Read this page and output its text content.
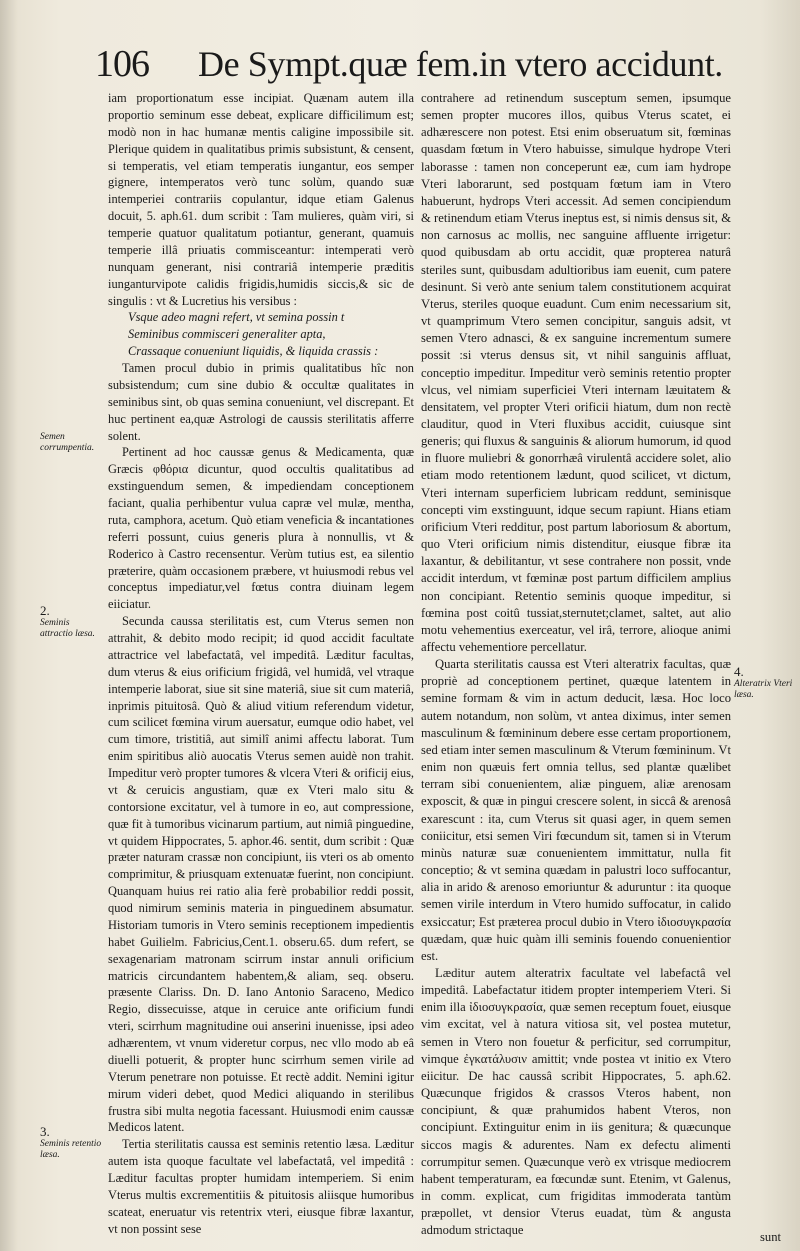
106 De Sympt.quæ fem.in vtero accidunt.

iam proportionatum esse incipiat. Quænam autem illa proportio seminum esse debeat, explicare difficilimum est; modò non in hac humanæ mentis caligine impossibile sit. Plerique quidem in qualitatibus primis subsistunt, & censent, si temperatis, vel etiam temperatis iungantur, eos semper gignere, intemperatos verò tunc solùm, quando suæ intemperiei contrariis copulantur, idque etiam Galenus docuit, 5. aph.61. dum scribit : Tam mulieres, quàm viri, si temperie quatuor qualitatum potiantur, generant, quamuis temperie illâ priuatis commisceantur: intemperati verò nunquam generant, nisi contrariâ intemperie præditis iunganturvipote calidis frigidis,humidis siccis,& sic de singulis : vt & Lucretius his versibus :

Vsque adeo magni refert, vt semina possin t

Seminibus commisceri generaliter apta,

Crassaque conueniunt liquidis, & liquida crassis :

Tamen procul dubio in primis qualitatibus hîc non subsistendum; cum sine dubio & occultæ qualitates in seminibus sint, ob quas semina conueniunt, vel discrepant. Et huc pertinent ea,quæ Astrologi de caussis sterilitatis afferre solent.

Pertinent ad hoc caussæ genus & Medicamenta, quæ Græcis φθόρια dicuntur, quod occultis qualitatibus ad exstinguendum semen, & impediendam conceptionem faciant, qualia perhibentur vulua capræ vel mulæ, mentha, ruta, camphora, acetum. Quò etiam veneficia & incantationes referri possunt, cuius generis plura à nonnullis, vt & Roderico à Castro recensentur. Verùm tutius est, ea silentio præterire, quàm occasionem præbere, vt huiusmodi rebus vel conceptus impediatur,vel fœtus contra diuinam legem eiiciatur.

Secunda caussa sterilitatis est, cum Vterus semen non attrahit, & debito modo recipit; id quod accidit facultate attractrice vel labefactatâ, vel impeditâ. Læditur facultas, dum vterus & eius orificium frigidâ, vel humidâ, vel vtraque intemperie laborat, siue sit sine materiâ, siue sit cum materiâ, inprimis pituitosâ. Quò & aliud vitium referendum videtur, cum scilicet fœmina virum auersatur, eumque odio habet, vel cum timore, tristitiâ, aut similî animi affectu laborat. Tum enim spiritibus aliò auocatis Vterus semen auidè non trahit. Impeditur verò propter tumores & vlcera Vteri & orificij eius, vt & ceruicis angustiam, quæ ex Vteri malo situ & contorsione excitatur, vel à tumore in eo, aut compressione, quæ fit à tumoribus vicinarum partium, aut nimiâ pinguedine, vt quidem Hippocrates, 5. aphor.46. sentit, dum scribit : Quæ præter naturam crassæ non concipiunt, iis vteri os ab omento comprimitur, & priusquam extenuatæ fuerint, non concipiunt. Quanquam huius rei ratio alia ferè probabilior reddi possit, quod nimirum seminis materia in pinguedinem absumatur. Historiam tumoris in Vtero seminis receptionem impedientis habet Guilielm. Fabricius,Cent.1. obseru.65. dum refert, se sexagenariam matronam scirrum instar annuli orificium matricis circundantem habentem,& aliam, seq. obseru. præsente Clariss. Dn. D. Iano Antonio Saraceno, Medico Regio, dissecuisse, atque in ceruice ante orificium fundi vteri, scirrhum magnitudine oui anserini inuenisse, ipsi adeo adhærentem, vt vnum videretur corpus, nec vllo modo ab eâ diuelli potuerit, & propter hunc scirrhum semen virile ad Vterum penetrare non potuisse. Et rectè addit. Nemini igitur mirum videri debet, quod Medici aliquando in sterilibus frustra sibi multa negotia facessant. Huiusmodi enim caussæ Medicos latent.

Tertia sterilitatis caussa est seminis retentio læsa. Læditur autem ista quoque facultate vel labefactatâ, vel impeditâ : Læditur facultas propter humidam intemperiem. Si enim Vterus multis excrementitiis & pituitosis aliisque humoribus scateat, eneruatur vis retentrix vteri, eiusque fibræ laxantur, vt non possint sese

contrahere ad retinendum susceptum semen, ipsumque semen propter mucores illos, quibus Vterus scatet, ei adhærescere non potest. Etsi enim obseruatum sit, fœminas quasdam fœtum in Vtero habuisse, simulque hydrope Vteri laborasse : tamen non conceperunt eæ, cum iam hydrope Vteri laborarunt, sed postquam fœtum iam in Vtero habuerunt, hydrops Vteri accessit. Ad semen concipiendum & retinendum etiam Vterus ineptus est, si nimis densus sit, & non carnosus ac mollis, nec sanguine affluente irrigetur: quod quibusdam ab ortu accidit, quæ propterea naturâ steriles sunt, quibusdam adultioribus iam euenit, cum patere desinunt. Si verò ante senium talem constitutionem acquirat Vterus, steriles quoque euadunt. Cum enim necessarium sit, vt quamprimum Vtero semen concipitur, sanguis adsit, vt semen Vtero adnasci, & ex sanguine incrementum sumere possit :si vterus densus sit, vt nihil sanguinis affluat, conceptio impeditur. Impeditur verò seminis retentio propter vlcus, vel nimiam superficiei Vteri internam læuitatem & densitatem, vel propter Vteri orificii hiatum, dum non rectè clauditur, quod in Vteri fluxibus accidit, cuiusque sint generis; qui fluxus & sanguinis & aliorum humorum, id quod in fluore muliebri & gonorrhæâ virulentâ accidere solet, alio etiam modo retentionem lædunt, quod scilicet, vt dictum, Vteri internam superficiem lubricam reddunt, seminisque concepti vim exstinguunt, idque secum rapiunt. Hians etiam orificium Vteri redditur, post partum laboriosum & abortum, quo Vteri orificium nimis distenditur, eiusque fibræ ita laxantur, & debilitantur, vt sese contrahere non possit, vnde accidit interdum, vt fœminæ post partum difficilem amplius non concipiant. Retentio seminis quoque impeditur, si fœmina post coitû tussiat,sternutet;clamet, saltet, aut alio motu vehementius exerceatur, vel irâ, terrore, alioque animi affectu vehementiore percellatur.

Quarta sterilitatis caussa est Vteri alteratrix facultas, quæ propriè ad conceptionem pertinet, quæque latentem in semine formam & vim in actum deducit, læsa. Hoc loco autem notandum, non solùm, vt antea diximus, inter semen masculinum & fœmininum debere esse certam proportionem, sed etiam inter semen masculinum & Vterum fœmininum. Vt enim non quæuis fert omnia tellus, sed plantæ quælibet terram sibi conuenientem, aliæ pinguem, aliæ arenosam exposcit, & quæ in pingui crescere solent, in siccâ & arenosâ exarescunt : ita, cum Vterus sit quasi ager, in quem semen coniicitur, etsi semen Viri fœcundum sit, tamen si in Vterum minùs naturæ suæ conuenientem immittatur, nulla fit conceptio; & vt semina quædam in palustri loco suffocantur, alia in arido & arenoso emoriuntur & aduruntur : ita quoque semen virile interdum in Vtero humido suffocatur, in calido exsiccatur; Est præterea procul dubio in Vtero ἰδιοσυγκρασία quædam, quæ huic quàm illi seminis fouendo conuenientior est.

Læditur autem alteratrix facultate vel labefactâ vel impeditâ. Labefactatur itidem propter intemperiem Vteri. Si enim illa ἰδιοσυγκρασία, quæ semen receptum fouet, eiusque vim excitat, vel à natura vitiosa sit, vel postea mutetur, semen in Vtero non fouetur & perficitur, sed corrumpitur, vimque ἐγκατάλυσιν amittit; vnde postea vt initio ex Vtero eiicitur. De hac caussâ scribit Hippocrates, 5. aph.62. Quæcunque frigidos & crassos Vteros habent, non concipiunt, & quæ prahumidos habent Vteros, non concipiunt. Extinguitur enim in iis genitura; & quæcunque siccos magis & adurentes. Nam ex defectu alimenti corrumpitur semen. Quæcunque verò ex vtrisque mediocrem habent temperaturam, ea fœcundæ sunt. Etenim, vt Galenus, in comm. explicat, cum frigiditas immoderata tantùm præpollet, vt densior Vterus euadat, tùm & angusta admodum strictaque

Semen corrumpentia.
2.
Seminis attractio læsa.
3.
Seminis retentio læsa.
4.
Alteratrix Vteri læsa.
sunt
